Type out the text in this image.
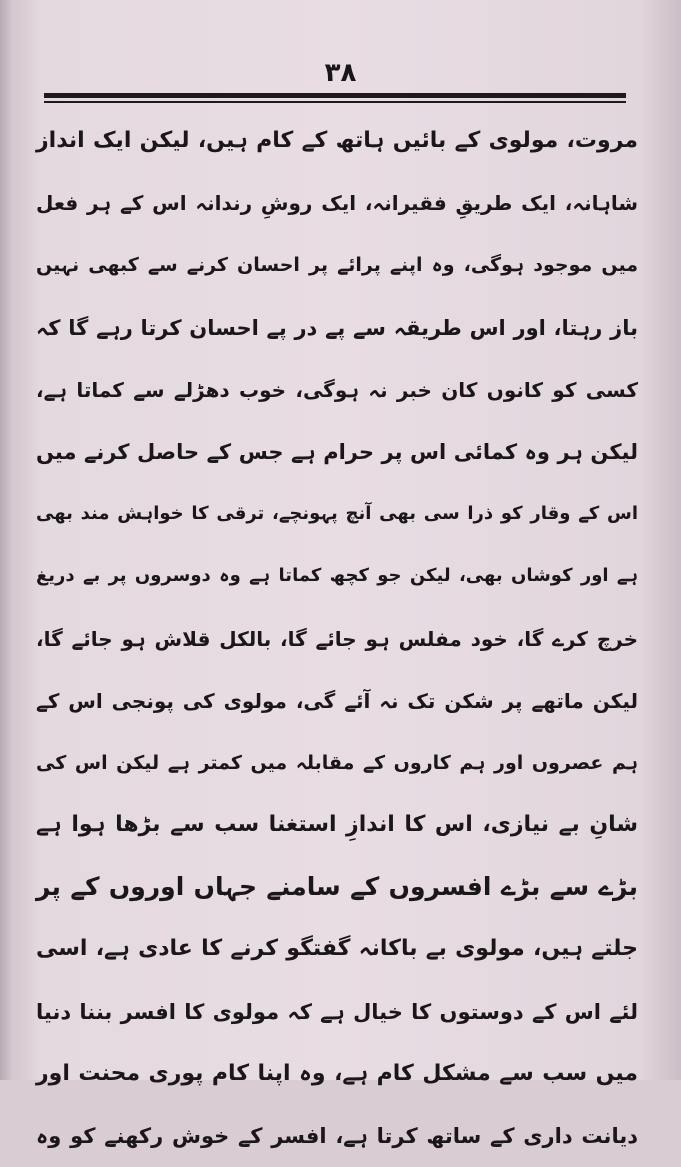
۳۸
مروت، مولوی کے بائیں ہاتھ کے کام ہیں، لیکن ایک انداز
شاہانہ، ایک طریقِ فقیرانہ، ایک روشِ رندانہ اس کے ہر فعل
میں موجود ہوگی، وہ اپنے پرائے پر احسان کرنے سے کبھی نہیں
باز رہتا، اور اس طریقہ سے پے در پے احسان کرتا رہے گا کہ
کسی کو کانوں کان خبر نہ ہوگی، خوب دھڑلے سے کماتا ہے،
لیکن ہر وہ کمائی اس پر حرام ہے جس کے حاصل کرنے میں
اس کے وقار کو ذرا سی بھی آنچ پہونچے، ترقی کا خواہش مند بھی
ہے اور کوشاں بھی، لیکن جو کچھ کماتا ہے وہ دوسروں پر بے دریغ
خرچ کرے گا، خود مفلس ہو جائے گا، بالکل قلاش ہو جائے گا،
لیکن ماتھے پر شکن تک نہ آئے گی، مولوی کی پونجی اس کے
ہم عصروں اور ہم کاروں کے مقابلہ میں کمتر ہے لیکن اس کی
شانِ بے نیازی، اس کا اندازِ استغنا سب سے بڑھا ہوا ہے
بڑے سے بڑے افسروں کے سامنے جہاں اوروں کے پر
جلتے ہیں، مولوی بے باکانہ گفتگو کرنے کا عادی ہے، اسی
لئے اس کے دوستوں کا خیال ہے کہ مولوی کا افسر بننا دنیا
میں سب سے مشکل کام ہے، وہ اپنا کام پوری محنت اور
دیانت داری کے ساتھ کرتا ہے، افسر کے خوش رکھنے کو وہ
